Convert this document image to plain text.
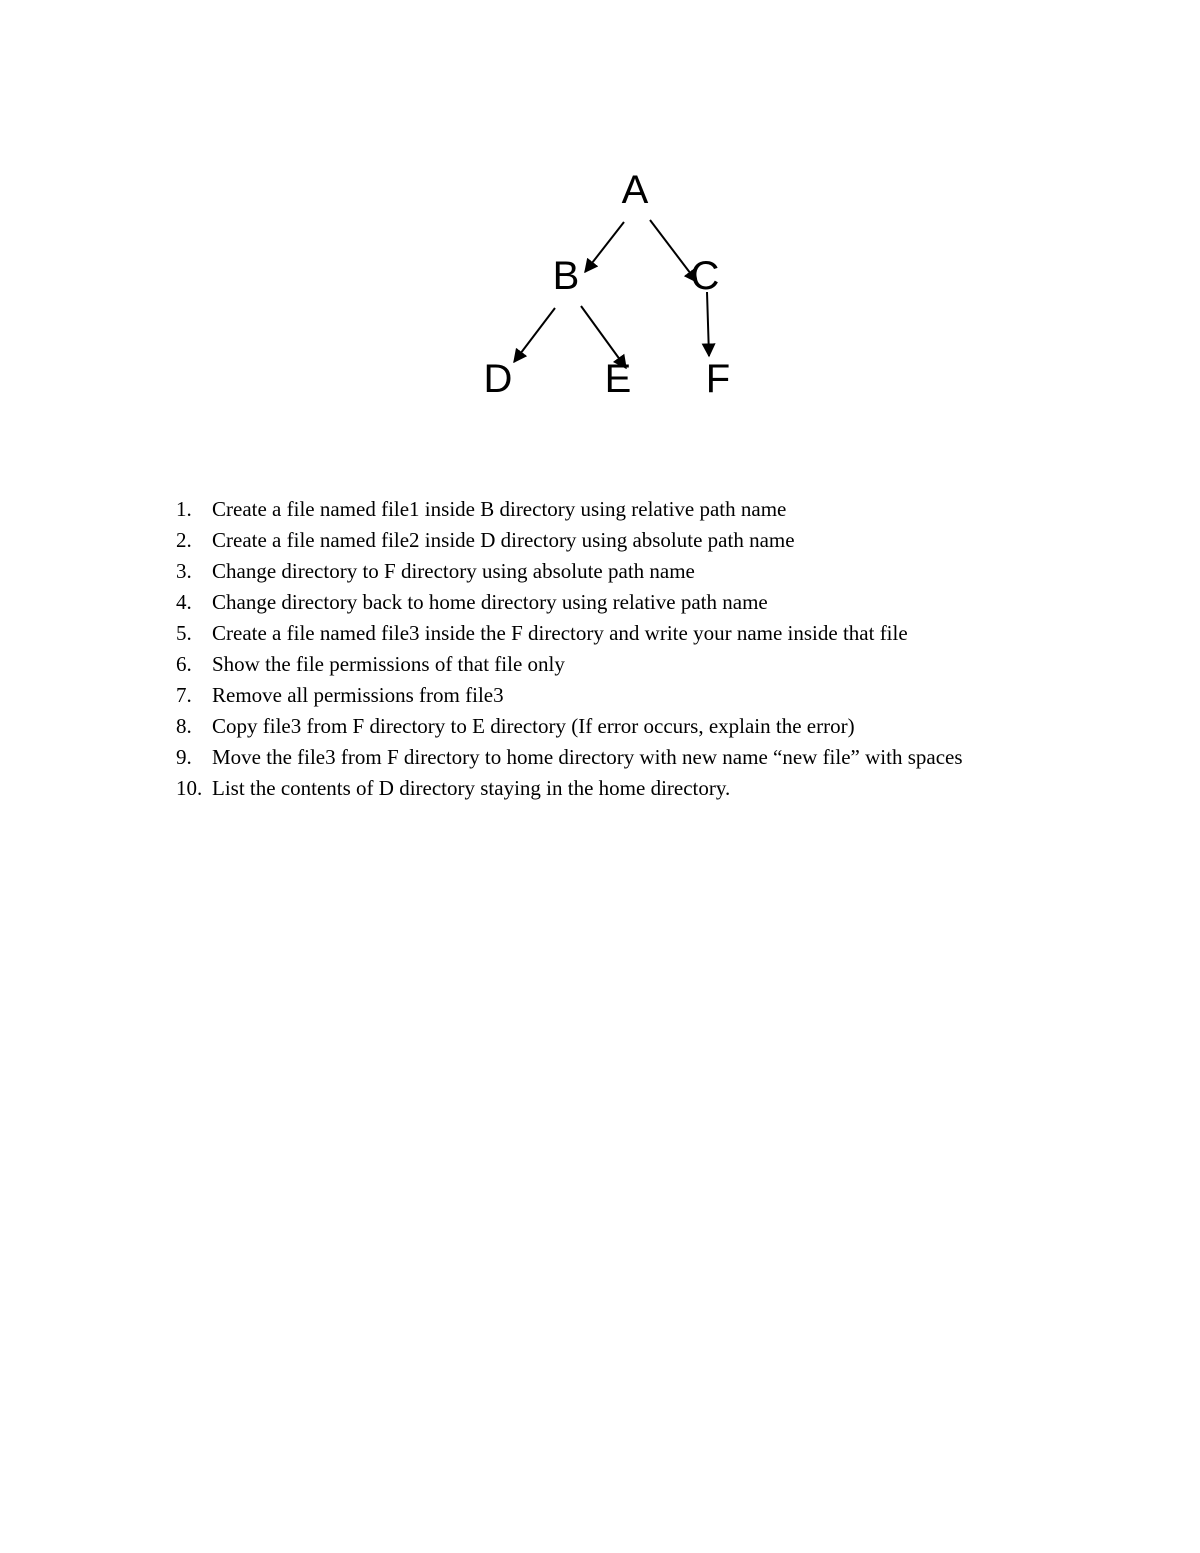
A
B	C
D E F
1. Create a file named file1 inside B directory using relative path name
2. Create a file named file2 inside D directory using absolute path name
3. Change directory to F directory using absolute path name
4. Change directory back to home directory using relative path name
5. Create a file named file3 inside the F directory and write your name inside that file
6. Show the file permissions of that file only
7. Remove all permissions from file3
8. Copy file3 from F directory to E directory (If error occurs, explain the error)
9. Move the file3 from F directory to home directory with new name “new file” with spaces
10. List the contents of D directory staying in the home directory.
